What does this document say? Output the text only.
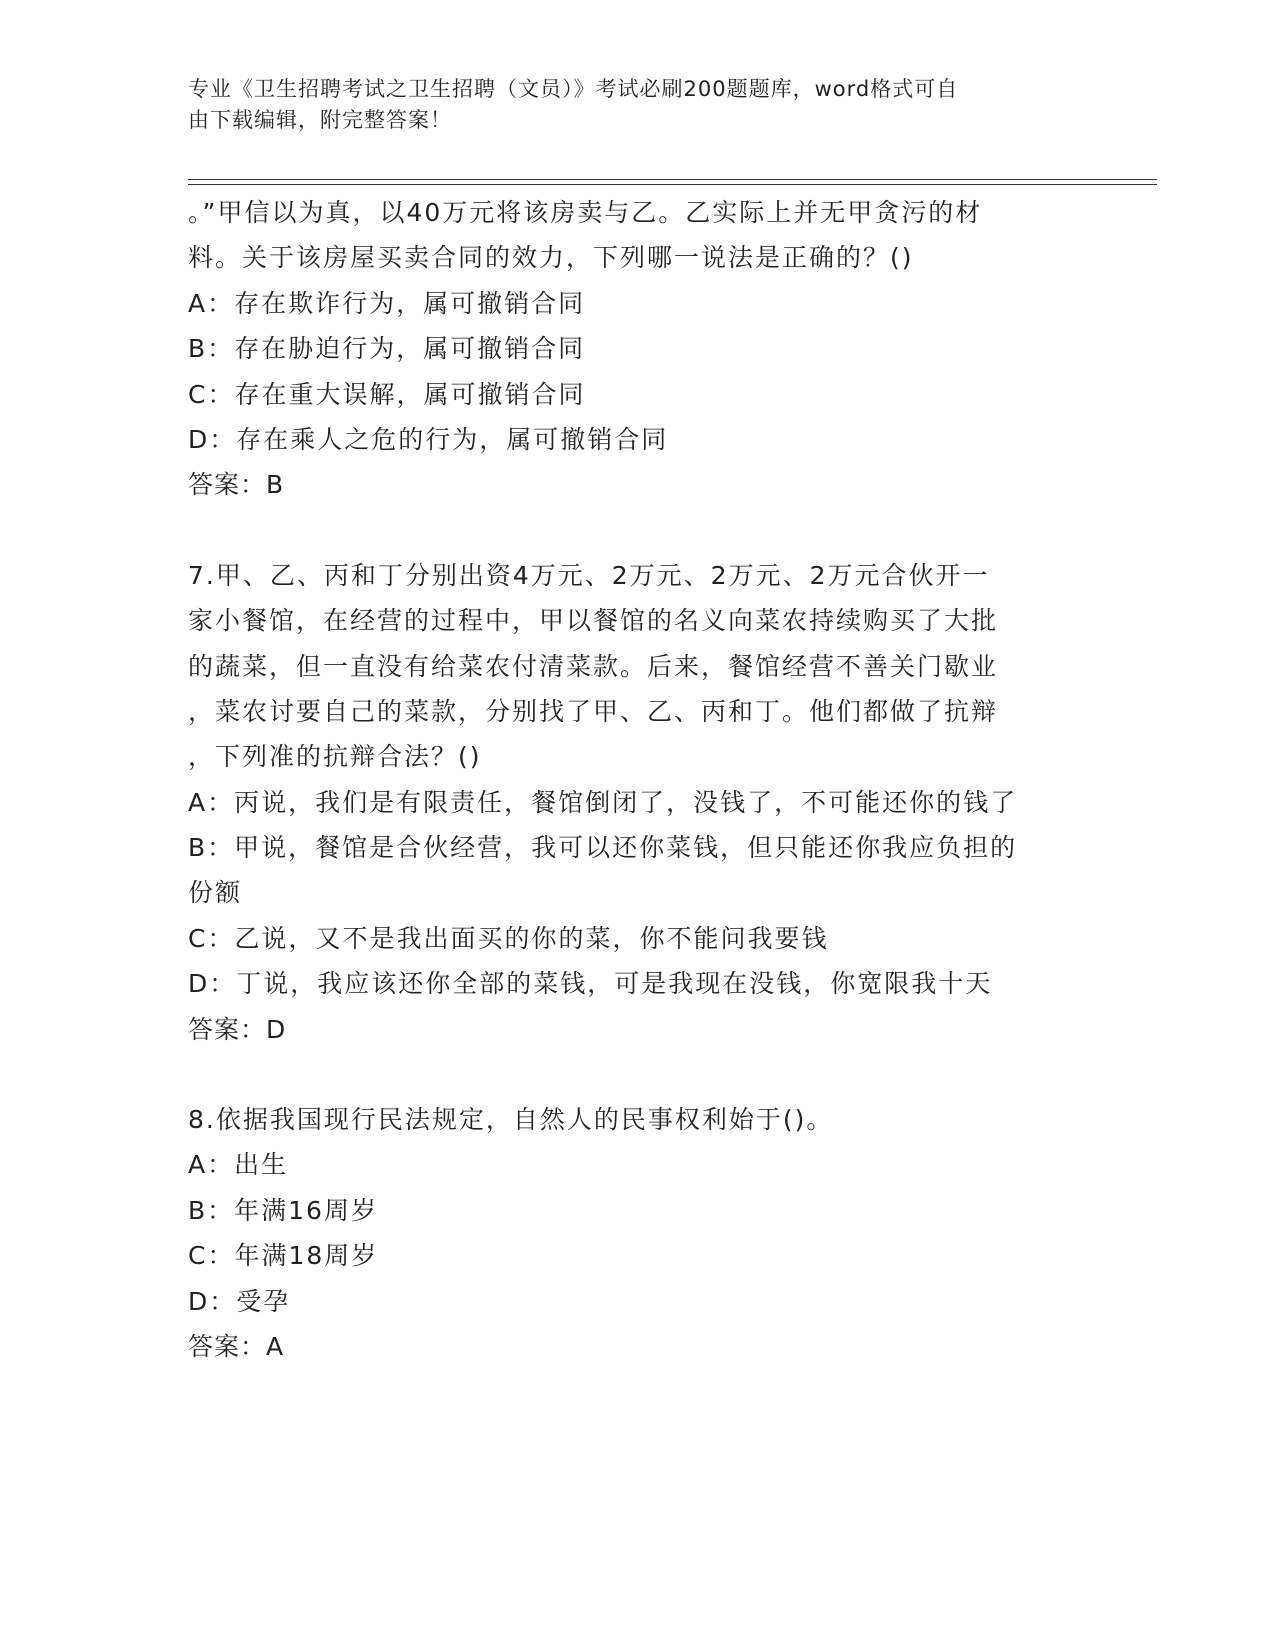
专业《卫生招聘考试之卫生招聘（文员）》考试必刷200题题库，word格式可自
由下载编辑，附完整答案！
。”甲信以为真，以40万元将该房卖与乙。乙实际上并无甲贪污的材
料。关于该房屋买卖合同的效力，下列哪一说法是正确的？()
A：存在欺诈行为，属可撤销合同
B：存在胁迫行为，属可撤销合同
C：存在重大误解，属可撤销合同
D：存在乘人之危的行为，属可撤销合同
答案：B
7.甲、乙、丙和丁分别出资4万元、2万元、2万元、2万元合伙开一
家小餐馆，在经营的过程中，甲以餐馆的名义向菜农持续购买了大批
的蔬菜，但一直没有给菜农付清菜款。后来，餐馆经营不善关门歇业
，菜农讨要自己的菜款，分别找了甲、乙、丙和丁。他们都做了抗辩
，下列准的抗辩合法？()
A：丙说，我们是有限责任，餐馆倒闭了，没钱了，不可能还你的钱了
B：甲说，餐馆是合伙经营，我可以还你菜钱，但只能还你我应负担的
份额
C：乙说，又不是我出面买的你的菜，你不能问我要钱
D：丁说，我应该还你全部的菜钱，可是我现在没钱，你宽限我十天
答案：D
8.依据我国现行民法规定，自然人的民事权利始于()。
A：出生
B：年满16周岁
C：年满18周岁
D：受孕
答案：A
